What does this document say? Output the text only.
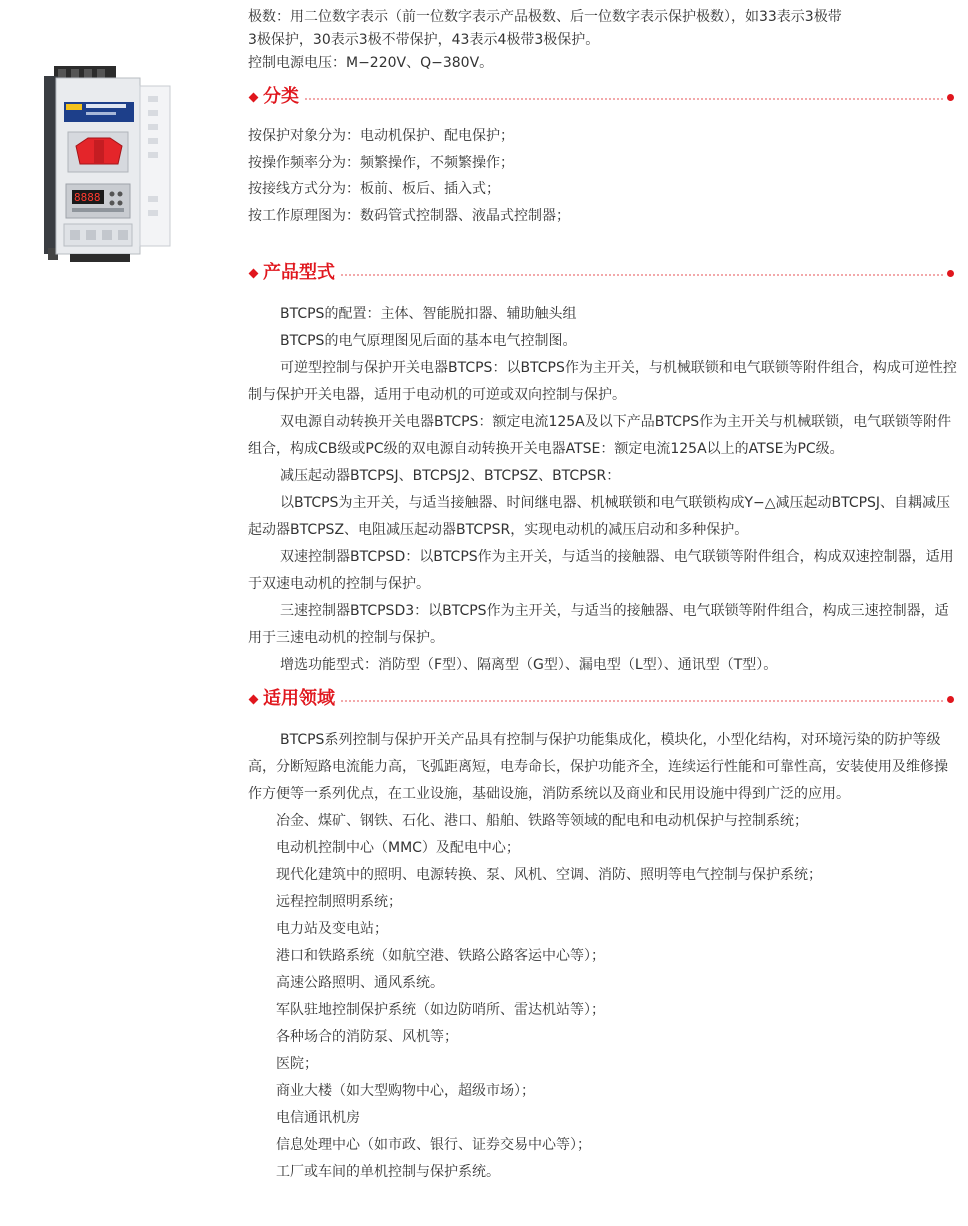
8888
极数：用二位数字表示（前一位数字表示产品极数、后一位数字表示保护极数），如33表示3极带
3极保护，30表示3极不带保护，43表示4极带3极保护。
控制电源电压：M−220V、Q−380V。
分类
按保护对象分为：电动机保护、配电保护；
按操作频率分为：频繁操作，不频繁操作；
按接线方式分为：板前、板后、插入式；
按工作原理图为：数码管式控制器、液晶式控制器；
产品型式
BTCPS的配置：主体、智能脱扣器、辅助触头组
BTCPS的电气原理图见后面的基本电气控制图。
可逆型控制与保护开关电器BTCPS：以BTCPS作为主开关，与机械联锁和电气联锁等附件组合，构成可逆性控制与保护开关电器，适用于电动机的可逆或双向控制与保护。
双电源自动转换开关电器BTCPS：额定电流125A及以下产品BTCPS作为主开关与机械联锁，电气联锁等附件组合，构成CB级或PC级的双电源自动转换开关电器ATSE：额定电流125A以上的ATSE为PC级。
减压起动器BTCPSJ、BTCPSJ2、BTCPSZ、BTCPSR：
以BTCPS为主开关，与适当接触器、时间继电器、机械联锁和电气联锁构成Y−△减压起动BTCPSJ、自耦减压起动器BTCPSZ、电阻减压起动器BTCPSR，实现电动机的减压启动和多种保护。
双速控制器BTCPSD：以BTCPS作为主开关，与适当的接触器、电气联锁等附件组合，构成双速控制器，适用于双速电动机的控制与保护。
三速控制器BTCPSD3：以BTCPS作为主开关，与适当的接触器、电气联锁等附件组合，构成三速控制器，适用于三速电动机的控制与保护。
增选功能型式：消防型（F型）、隔离型（G型）、漏电型（L型）、通讯型（T型）。
适用领域
BTCPS系列控制与保护开关产品具有控制与保护功能集成化，模块化，小型化结构，对环境污染的防护等级高，分断短路电流能力高，飞弧距离短，电寿命长，保护功能齐全，连续运行性能和可靠性高，安装使用及维修操作方便等一系列优点，在工业设施，基础设施，消防系统以及商业和民用设施中得到广泛的应用。
冶金、煤矿、钢铁、石化、港口、船舶、铁路等领域的配电和电动机保护与控制系统；
电动机控制中心（MMC）及配电中心；
现代化建筑中的照明、电源转换、泵、风机、空调、消防、照明等电气控制与保护系统；
远程控制照明系统；
电力站及变电站；
港口和铁路系统（如航空港、铁路公路客运中心等）；
高速公路照明、通风系统。
军队驻地控制保护系统（如边防哨所、雷达机站等）；
各种场合的消防泵、风机等；
医院；
商业大楼（如大型购物中心，超级市场）；
电信通讯机房
信息处理中心（如市政、银行、证券交易中心等）；
工厂或车间的单机控制与保护系统。
